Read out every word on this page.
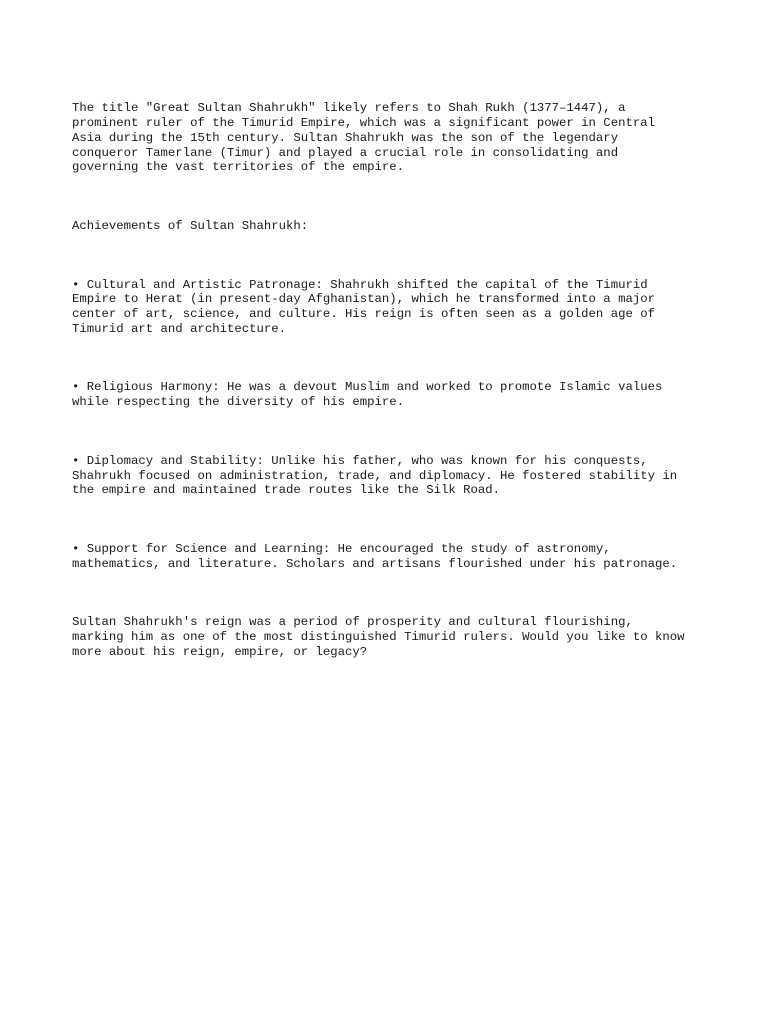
The title "Great Sultan Shahrukh" likely refers to Shah Rukh (1377–1447), a
prominent ruler of the Timurid Empire, which was a significant power in Central
Asia during the 15th century. Sultan Shahrukh was the son of the legendary
conqueror Tamerlane (Timur) and played a crucial role in consolidating and
governing the vast territories of the empire.

Achievements of Sultan Shahrukh:

• Cultural and Artistic Patronage: Shahrukh shifted the capital of the Timurid
Empire to Herat (in present-day Afghanistan), which he transformed into a major
center of art, science, and culture. His reign is often seen as a golden age of
Timurid art and architecture.

• Religious Harmony: He was a devout Muslim and worked to promote Islamic values
while respecting the diversity of his empire.

• Diplomacy and Stability: Unlike his father, who was known for his conquests,
Shahrukh focused on administration, trade, and diplomacy. He fostered stability in
the empire and maintained trade routes like the Silk Road.

• Support for Science and Learning: He encouraged the study of astronomy,
mathematics, and literature. Scholars and artisans flourished under his patronage.

Sultan Shahrukh's reign was a period of prosperity and cultural flourishing,
marking him as one of the most distinguished Timurid rulers. Would you like to know
more about his reign, empire, or legacy?
